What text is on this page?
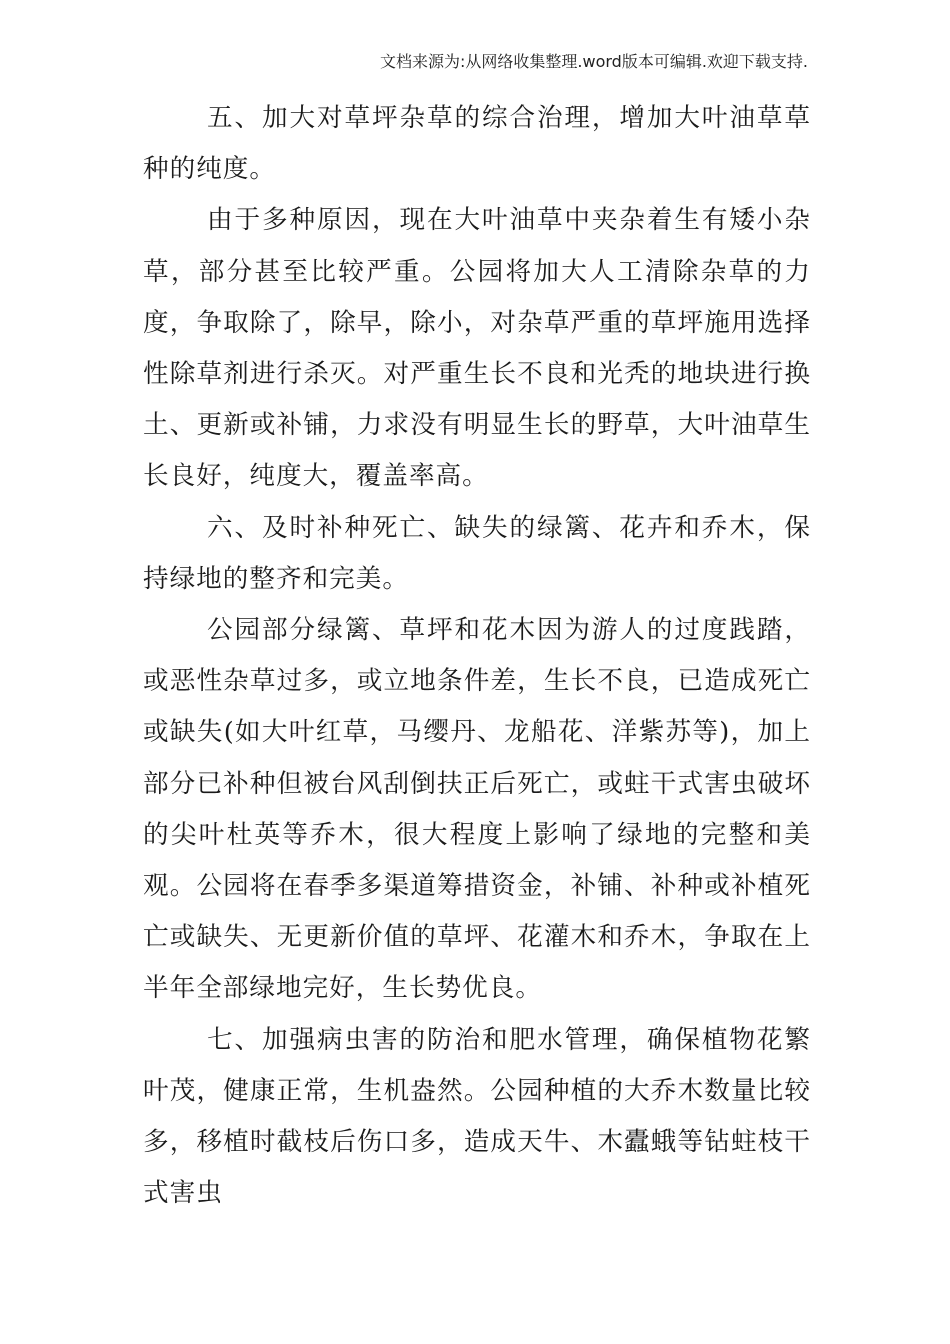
文档来源为:从网络收集整理.word版本可编辑.欢迎下载支持.

五、加大对草坪杂草的综合治理，增加大叶油草草种的纯度。

由于多种原因，现在大叶油草中夹杂着生有矮小杂草，部分甚至比较严重。公园将加大人工清除杂草的力度，争取除了，除早，除小，对杂草严重的草坪施用选择性除草剂进行杀灭。对严重生长不良和光秃的地块进行换土、更新或补铺，力求没有明显生长的野草，大叶油草生长良好，纯度大，覆盖率高。

六、及时补种死亡、缺失的绿篱、花卉和乔木，保持绿地的整齐和完美。

公园部分绿篱、草坪和花木因为游人的过度践踏，或恶性杂草过多，或立地条件差，生长不良，已造成死亡或缺失(如大叶红草，马缨丹、龙船花、洋紫苏等)，加上部分已补种但被台风刮倒扶正后死亡，或蛀干式害虫破坏的尖叶杜英等乔木，很大程度上影响了绿地的完整和美观。公园将在春季多渠道筹措资金，补铺、补种或补植死亡或缺失、无更新价值的草坪、花灌木和乔木，争取在上半年全部绿地完好，生长势优良。

七、加强病虫害的防治和肥水管理，确保植物花繁叶茂，健康正常，生机盎然。公园种植的大乔木数量比较多，移植时截枝后伤口多，造成天牛、木蠹蛾等钻蛀枝干式害虫
